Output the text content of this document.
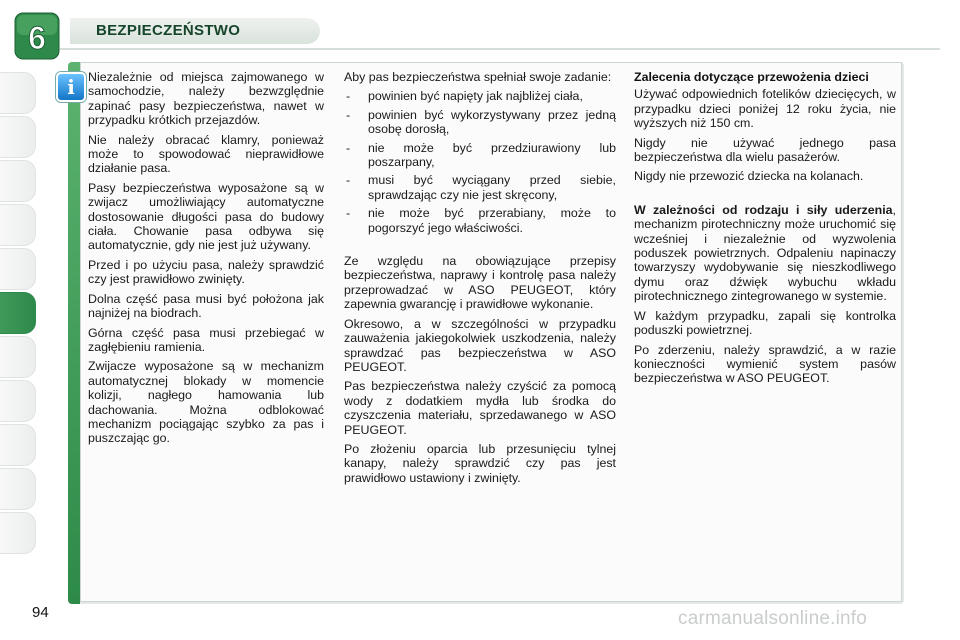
6	BEZPIECZEŃSTWO
i	Niezależnie od miejsca zajmowanego w samochodzie, należy bezwzględnie zapinać pasy bezpieczeństwa, nawet w przypadku krótkich przejazdów.

Nie należy obracać klamry, ponieważ może to spowodować nieprawidłowe działanie pasa.

Pasy bezpieczeństwa wyposażone są w zwijacz umożliwiający automatyczne dostosowanie długości pasa do budowy ciała. Chowanie pasa odbywa się automatycznie, gdy nie jest już używany.

Przed i po użyciu pasa, należy sprawdzić czy jest prawidłowo zwinięty.

Dolna część pasa musi być położona jak najniżej na biodrach.

Górna część pasa musi przebiegać w zagłębieniu ramienia.

Zwijacze wyposażone są w mechanizm automatycznej blokady w momencie kolizji, nagłego hamowania lub dachowania. Można odblokować mechanizm pociągając szybko za pas i puszczając go.

Aby pas bezpieczeństwa spełniał swoje zadanie:

- powinien być napięty jak najbliżej ciała,
- powinien być wykorzystywany przez jedną osobę dorosłą,
- nie może być przedziurawiony lub poszarpany,
- musi być wyciągany przed siebie, sprawdzając czy nie jest skręcony,
- nie może być przerabiany, może to pogorszyć jego właściwości.

Ze względu na obowiązujące przepisy bezpieczeństwa, naprawy i kontrolę pasa należy przeprowadzać w ASO PEUGEOT, który zapewnia gwarancję i prawidłowe wykonanie.

Okresowo, a w szczególności w przypadku zauważenia jakiegokolwiek uszkodzenia, należy sprawdzać pas bezpieczeństwa w ASO PEUGEOT.

Pas bezpieczeństwa należy czyścić za pomocą wody z dodatkiem mydła lub środka do czyszczenia materiału, sprzedawanego w ASO PEUGEOT.

Po złożeniu oparcia lub przesunięciu tylnej kanapy, należy sprawdzić czy pas jest prawidłowo ustawiony i zwinięty.

Zalecenia dotyczące przewożenia dzieci

Używać odpowiednich fotelików dziecięcych, w przypadku dzieci poniżej 12 roku życia, nie wyższych niż 150 cm.

Nigdy nie używać jednego pasa bezpieczeństwa dla wielu pasażerów.

Nigdy nie przewozić dziecka na kolanach.

W zależności od rodzaju i siły uderzenia, mechanizm pirotechniczny może uruchomić się wcześniej i niezależnie od wyzwolenia poduszek powietrznych. Odpaleniu napinaczy towarzyszy wydobywanie się nieszkodliwego dymu oraz dźwięk wybuchu wkładu pirotechnicznego zintegrowanego w systemie.

W każdym przypadku, zapali się kontrolka poduszki powietrznej.

Po zderzeniu, należy sprawdzić, a w razie konieczności wymienić system pasów bezpieczeństwa w ASO PEUGEOT.

94	carmanualsonline.info
